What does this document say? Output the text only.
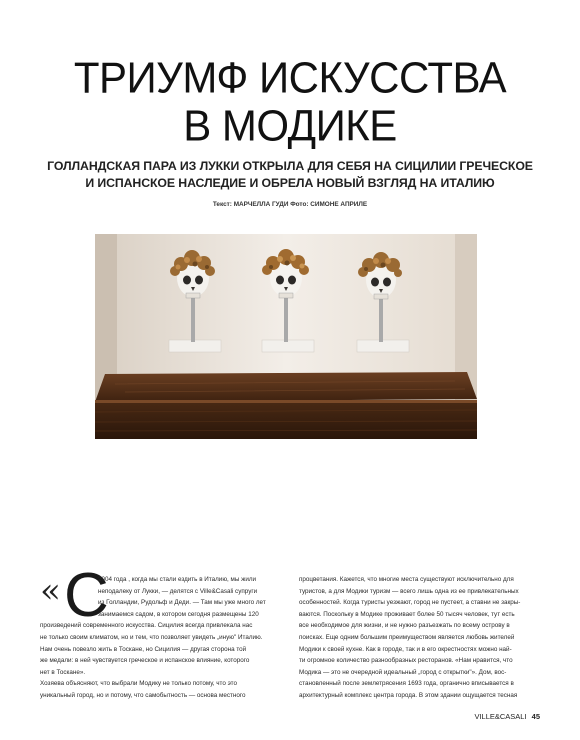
ТРИУМФ ИСКУССТВА
В МОДИКЕ
ГОЛЛАНДСКАЯ ПАРА ИЗ ЛУККИ ОТКРЫЛА ДЛЯ СЕБЯ НА СИЦИЛИИ ГРЕЧЕСКОЕ
И ИСПАНСКОЕ НАСЛЕДИЕ И ОБРЕЛА НОВЫЙ ВЗГЛЯД НА ИТАЛИЮ
Текст: МАРЧЕЛЛА ГУДИ Фото: СИМОНЕ АПРИЛЕ
« С
2004 года , когда мы стали ездить в Италию, мы жили
неподалеку от Лукки, — делятся с Ville&Casali супруги
из Голландии, Рудольф и Деди. — Там мы уже много лет
занимаемся садом, в котором сегодня размещены 120
произведений современного искусства. Сицилия всегда привлекала нас
не только своим климатом, но и тем, что позволяет увидеть „иную" Италию.
Нам очень повезло жить в Тоскане, но Сицилия — другая сторона той
же медали: в ней чувствуется греческое и испанское влияние, которого
нет в Тоскане».
Хозяева объясняют, что выбрали Модику не только потому, что это
уникальный город, но и потому, что самобытность — основа местного
процветания. Кажется, что многие места существуют исключительно для
туристов, а для Модики туризм — всего лишь одна из ее привлекательных
особенностей. Когда туристы уезжают, город не пустеет, а ставни не закры-
ваются. Поскольку в Модике проживает более 50 тысяч человек, тут есть
все необходимое для жизни, и не нужно разъезжать по всему острову в
поисках. Еще одним большим преимуществом является любовь жителей
Модики к своей кухне. Как в городе, так и в его окрестностях можно най-
ти огромное количество разнообразных ресторанов. «Нам нравится, что
Модика — это не очередной идеальный „город с открытки"». Дом, вос-
становленный после землетрясения 1693 года, органично вписывается в
архитектурный комплекс центра города. В этом здании ощущается тесная
VILLE&CASALI 45
